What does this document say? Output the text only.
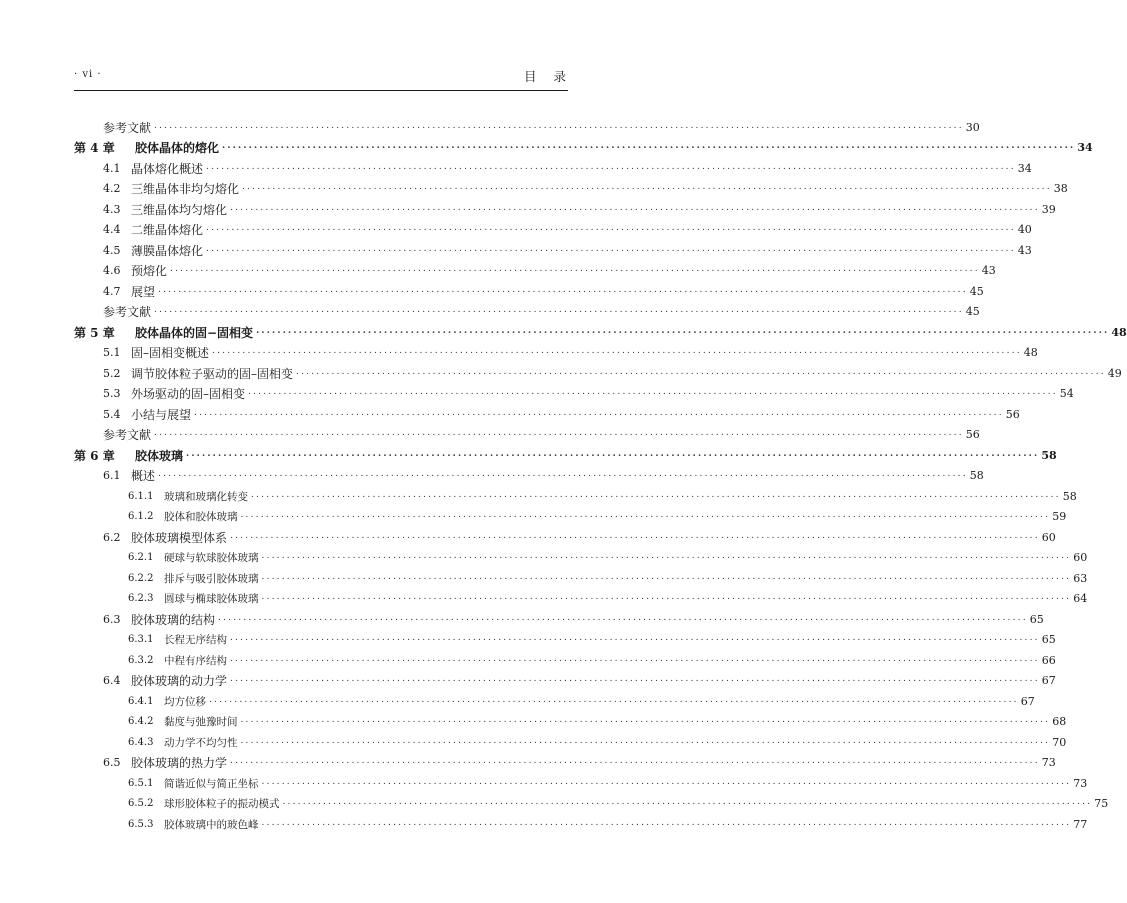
· vi ·	目录
参考文献 ................................................................................................................................................................ 30
第 4 章	胶体晶体的熔化 ................................................................................................................................................................ 34
4.1 晶体熔化概述 ................................................................................................................................................................ 34
4.2 三维晶体非均匀熔化 ................................................................................................................................................................ 38
4.3 三维晶体均匀熔化 ................................................................................................................................................................ 39
4.4 二维晶体熔化 ................................................................................................................................................................ 40
4.5 薄膜晶体熔化 ................................................................................................................................................................ 43
4.6 预熔化 ................................................................................................................................................................ 43
4.7 展望 ................................................................................................................................................................ 45
参考文献 ................................................................................................................................................................ 45
第 5 章	胶体晶体的固−固相变 ................................................................................................................................................................ 48
5.1 固–固相变概述 ................................................................................................................................................................ 48
5.2 调节胶体粒子驱动的固–固相变 ................................................................................................................................................................ 49
5.3 外场驱动的固–固相变 ................................................................................................................................................................ 54
5.4 小结与展望 ................................................................................................................................................................ 56
参考文献 ................................................................................................................................................................ 56
第 6 章	胶体玻璃 ................................................................................................................................................................ 58
6.1 概述 ................................................................................................................................................................ 58
6.1.1	玻璃和玻璃化转变 ................................................................................................................................................................ 58
6.1.2	胶体和胶体玻璃 ................................................................................................................................................................ 59
6.2 胶体玻璃模型体系 ................................................................................................................................................................ 60
6.2.1	硬球与软球胶体玻璃 ................................................................................................................................................................ 60
6.2.2	排斥与吸引胶体玻璃 ................................................................................................................................................................ 63
6.2.3	圆球与椭球胶体玻璃 ................................................................................................................................................................ 64
6.3 胶体玻璃的结构 ................................................................................................................................................................ 65
6.3.1	长程无序结构 ................................................................................................................................................................ 65
6.3.2	中程有序结构 ................................................................................................................................................................ 66
6.4 胶体玻璃的动力学 ................................................................................................................................................................ 67
6.4.1	均方位移 ................................................................................................................................................................ 67
6.4.2	黏度与弛豫时间 ................................................................................................................................................................ 68
6.4.3	动力学不均匀性 ................................................................................................................................................................ 70
6.5 胶体玻璃的热力学 ................................................................................................................................................................ 73
6.5.1	简谐近似与简正坐标 ................................................................................................................................................................ 73
6.5.2	球形胶体粒子的振动模式 ................................................................................................................................................................ 75
6.5.3	胶体玻璃中的玻色峰 ................................................................................................................................................................ 77
